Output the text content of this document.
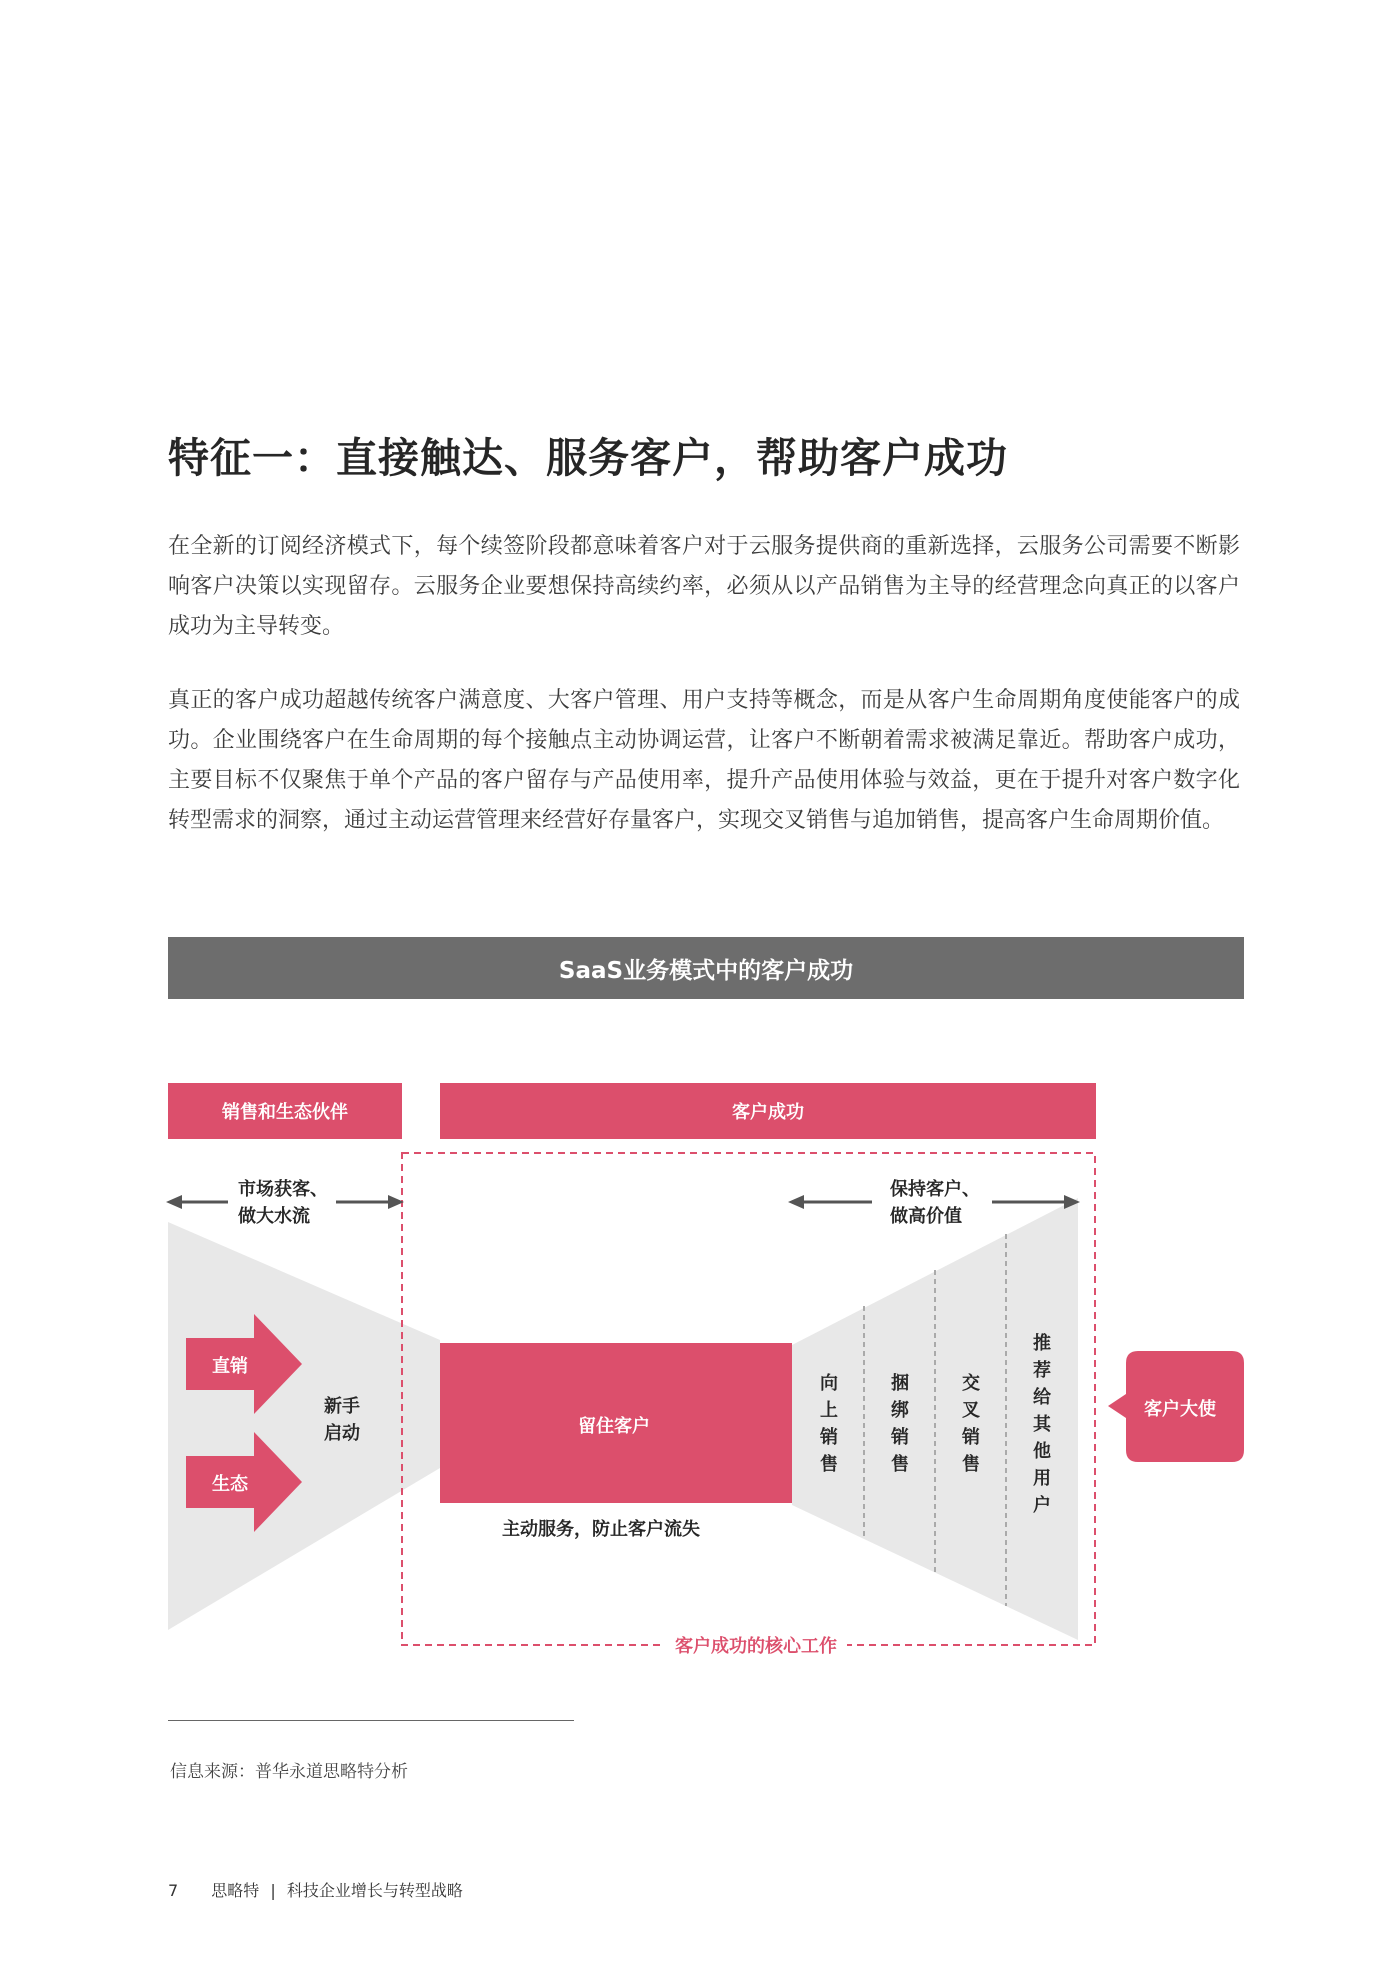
特征一：直接触达、服务客户，帮助客户成功

在全新的订阅经济模式下，每个续签阶段都意味着客户对于云服务提供商的重新选择，云服务公司需要不断影响客户决策以实现留存。云服务企业要想保持高续约率，必须从以产品销售为主导的经营理念向真正的以客户成功为主导转变。

真正的客户成功超越传统客户满意度、大客户管理、用户支持等概念，而是从客户生命周期角度使能客户的成功。企业围绕客户在生命周期的每个接触点主动协调运营，让客户不断朝着需求被满足靠近。帮助客户成功，主要目标不仅聚焦于单个产品的客户留存与产品使用率，提升产品使用体验与效益，更在于提升对客户数字化转型需求的洞察，通过主动运营管理来经营好存量客户，实现交叉销售与追加销售，提高客户生命周期价值。

SaaS业务模式中的客户成功
销售和生态伙伴	客户成功
市场获客、
做大水流
保持客户、
做高价值
直销
生态
新手
启动	留住客户
主动服务，防止客户流失
向上销售
捆绑销售
交叉销售
推荐给其他用户
客户大使
客户成功的核心工作

信息来源：普华永道思略特分析

7 思略特 | 科技企业增长与转型战略
